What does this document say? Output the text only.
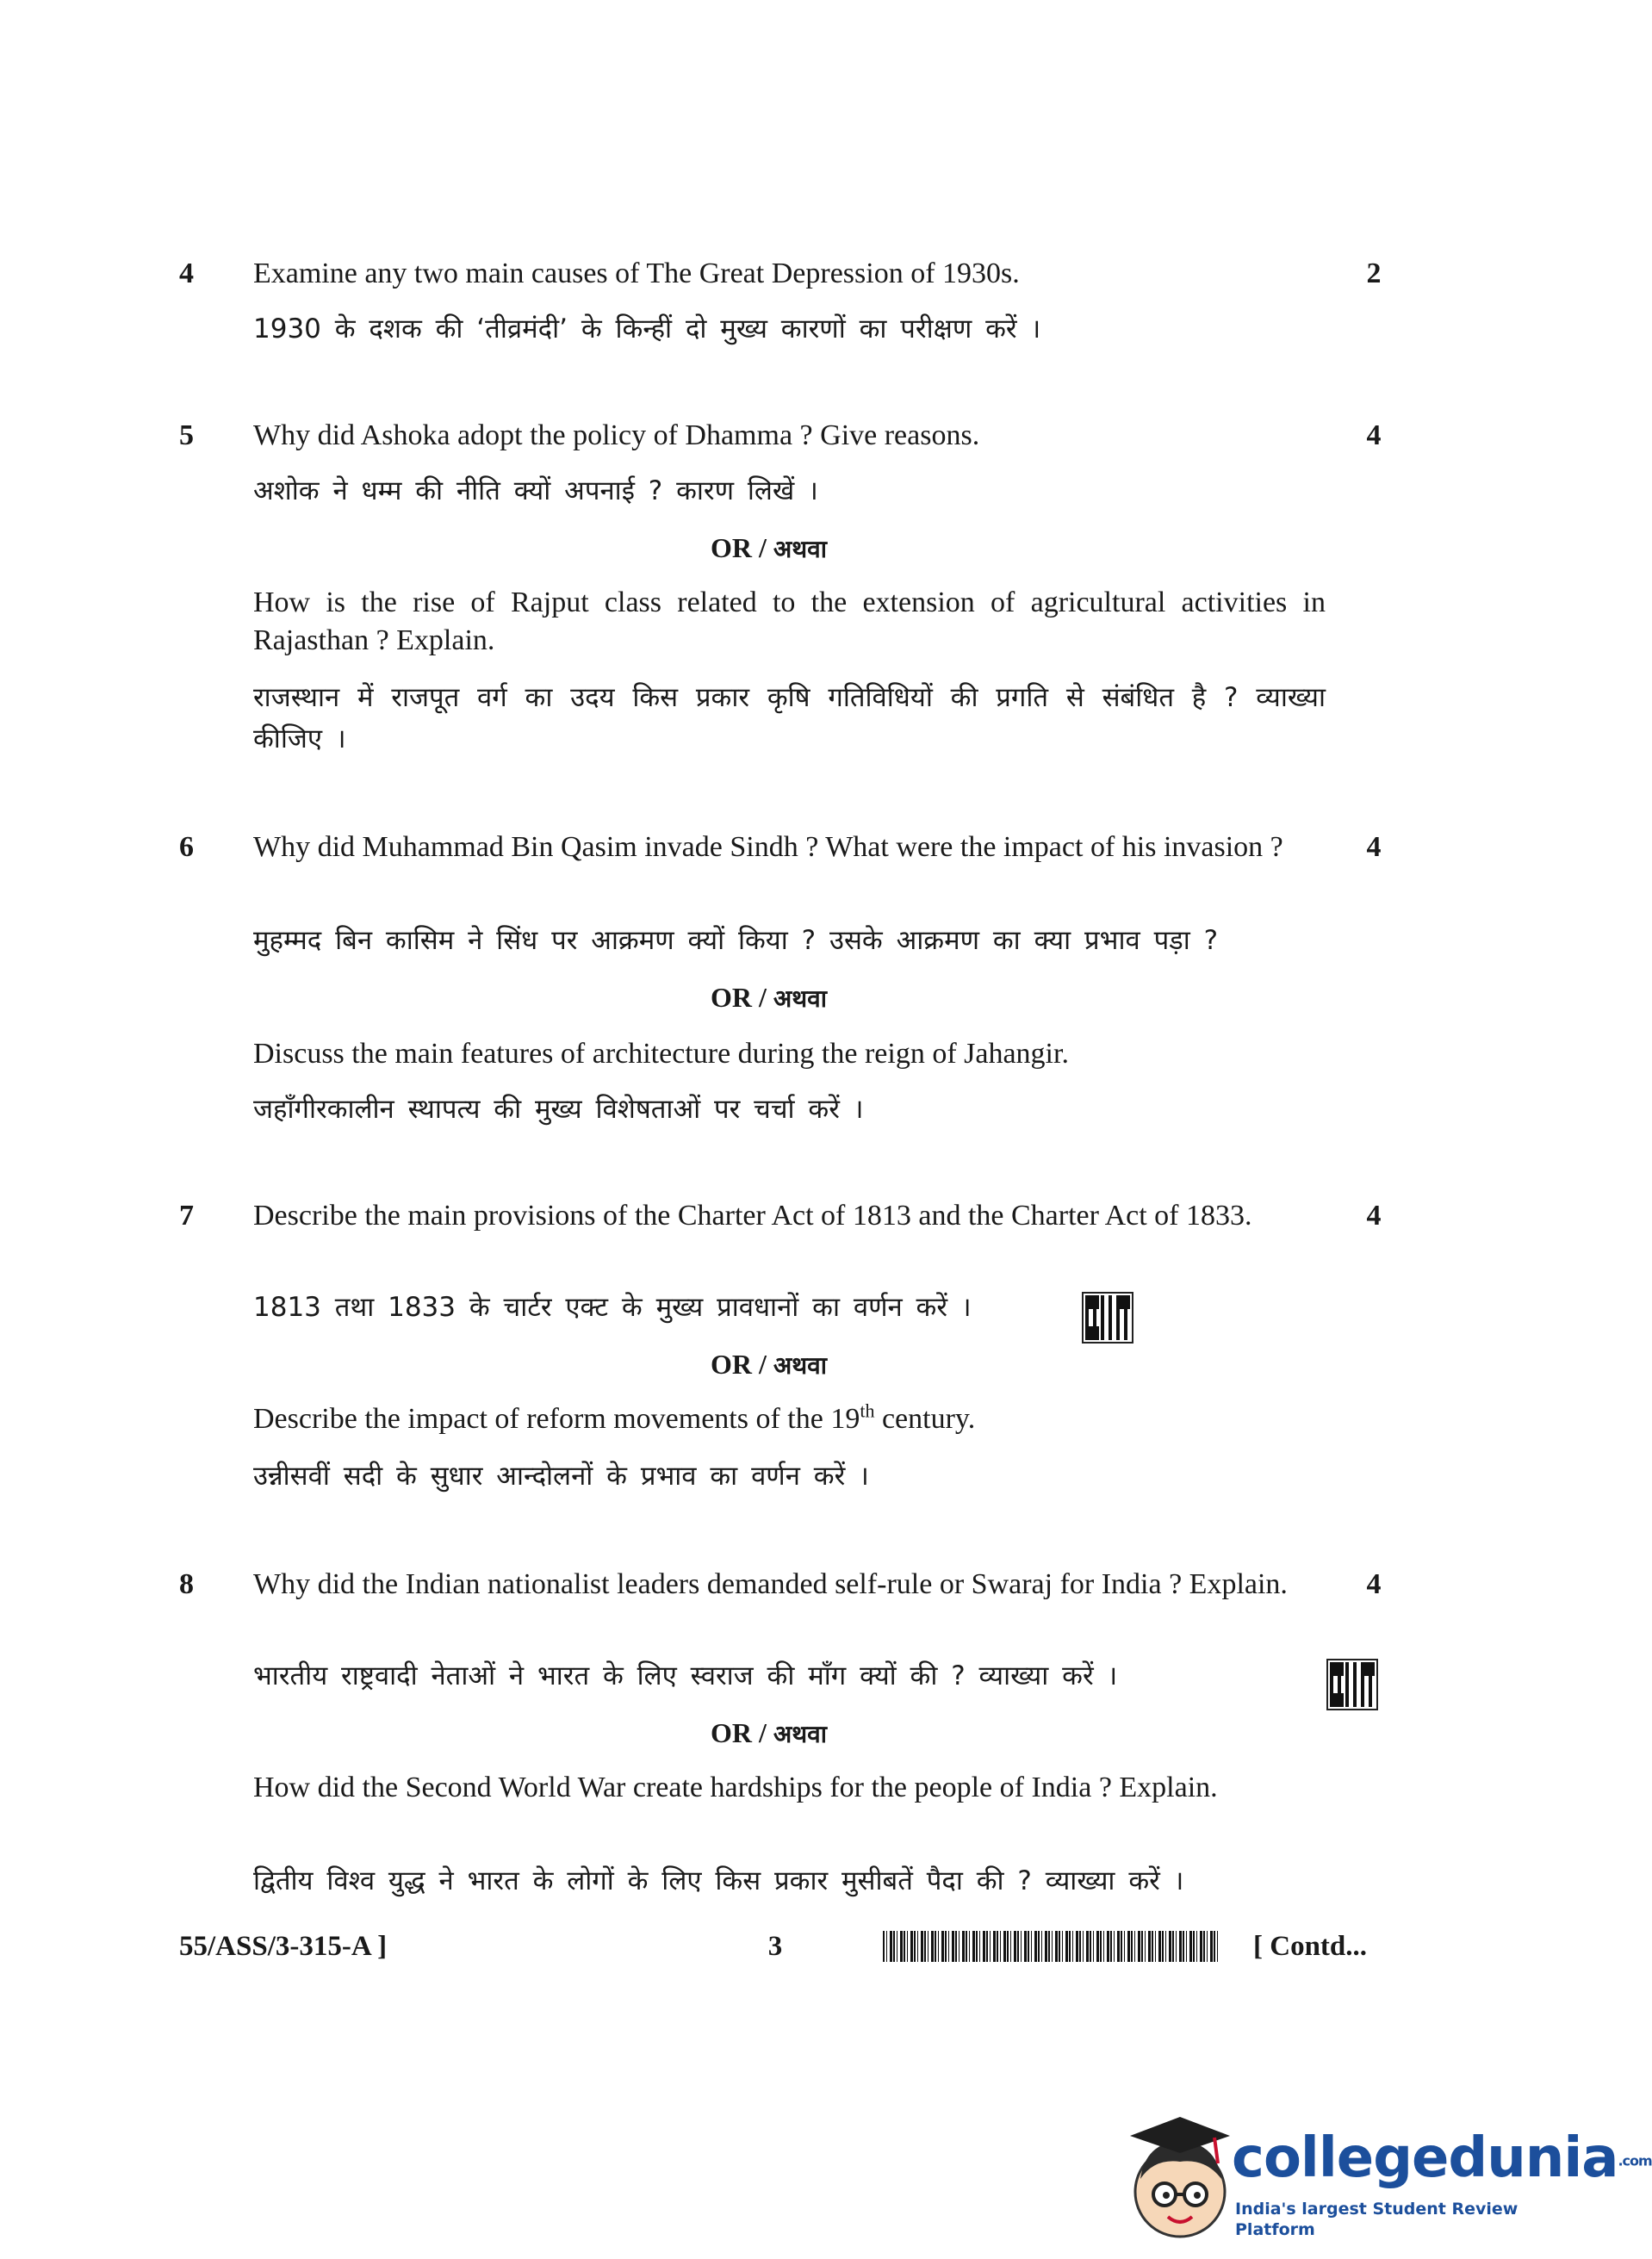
4	2
Examine any two main causes of The Great Depression of 1930s.
1930 के दशक की ‘तीव्रमंदी’ के किन्हीं दो मुख्य कारणों का परीक्षण करें ।
5	4
Why did Ashoka adopt the policy of Dhamma ? Give reasons.
अशोक ने धम्म की नीति क्यों अपनाई ? कारण लिखें ।
OR / अथवा
How is the rise of Rajput class related to the extension of agricultural activities in Rajasthan ? Explain.
राजस्थान में राजपूत वर्ग का उदय किस प्रकार कृषि गतिविधियों की प्रगति से संबंधित है ? व्याख्या कीजिए ।
6	4
Why did Muhammad Bin Qasim invade Sindh ? What were the impact of his invasion ?
मुहम्मद बिन कासिम ने सिंध पर आक्रमण क्यों किया ? उसके आक्रमण का क्या प्रभाव पड़ा ?
OR / अथवा
Discuss the main features of architecture during the reign of Jahangir.
जहाँगीरकालीन स्थापत्य की मुख्य विशेषताओं पर चर्चा करें ।
7	4
Describe the main provisions of the Charter Act of 1813 and the Charter Act of 1833.
1813 तथा 1833 के चार्टर एक्ट के मुख्य प्रावधानों का वर्णन करें ।
OR / अथवा
Describe the impact of reform movements of the 19th century.
उन्नीसवीं सदी के सुधार आन्दोलनों के प्रभाव का वर्णन करें ।
8	4
Why did the Indian nationalist leaders demanded self-rule or Swaraj for India ? Explain.
भारतीय राष्ट्रवादी नेताओं ने भारत के लिए स्वराज की माँग क्यों की ? व्याख्या करें ।
OR / अथवा
How did the Second World War create hardships for the people of India ? Explain.
द्वितीय विश्व युद्ध ने भारत के लोगों के लिए किस प्रकार मुसीबतें पैदा की ? व्याख्या करें ।
55/ASS/3-315-A ]	3	[ Contd...
collegedunia.com
India's largest Student Review Platform
